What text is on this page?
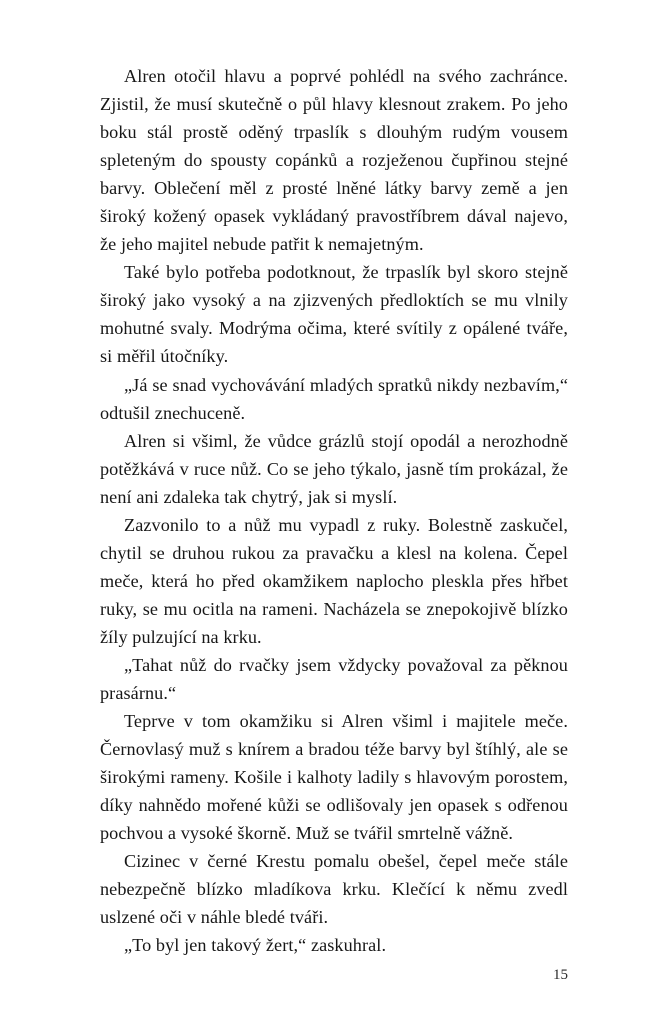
Alren otočil hlavu a poprvé pohlédl na svého zachránce. Zjistil, že musí skutečně o půl hlavy klesnout zrakem. Po jeho boku stál prostě oděný trpaslík s dlouhým rudým vousem spleteným do spousty copánků a rozježenou čupřinou stejné barvy. Oblečení měl z prosté lněné látky barvy země a jen široký kožený opasek vykládaný pravostříbrem dával najevo, že jeho majitel nebude patřit k nemajetným.

Také bylo potřeba podotknout, že trpaslík byl skoro stejně široký jako vysoký a na zjizvených předloktích se mu vlnily mohutné svaly. Modrýma očima, které svítily z opálené tváře, si měřil útočníky.

„Já se snad vychovávání mladých spratků nikdy nezbavím,“ odtušil znechuceně.

Alren si všiml, že vůdce grázlů stojí opodál a nerozhodně potěžkává v ruce nůž. Co se jeho týkalo, jasně tím prokázal, že není ani zdaleka tak chytrý, jak si myslí.

Zazvonilo to a nůž mu vypadl z ruky. Bolestně zaskučel, chytil se druhou rukou za pravačku a klesl na kolena. Čepel meče, která ho před okamžikem naplocho pleskla přes hřbet ruky, se mu ocitla na rameni. Nacházela se znepokojivě blízko žíly pulzující na krku.

„Tahat nůž do rvačky jsem vždycky považoval za pěknou prasárnu.“

Teprve v tom okamžiku si Alren všiml i majitele meče. Černovlasý muž s knírem a bradou téže barvy byl štíhlý, ale se širokými rameny. Košile i kalhoty ladily s hlavovým porostem, díky nahnědo mořené kůži se odlišovaly jen opasek s odřenou pochvou a vysoké škorně. Muž se tvářil smrtelně vážně.

Cizinec v černé Krestu pomalu obešel, čepel meče stále nebezpečně blízko mladíkova krku. Klečící k němu zvedl uslzené oči v náhle bledé tváři.

„To byl jen takový žert,“ zaskuhral.

15
